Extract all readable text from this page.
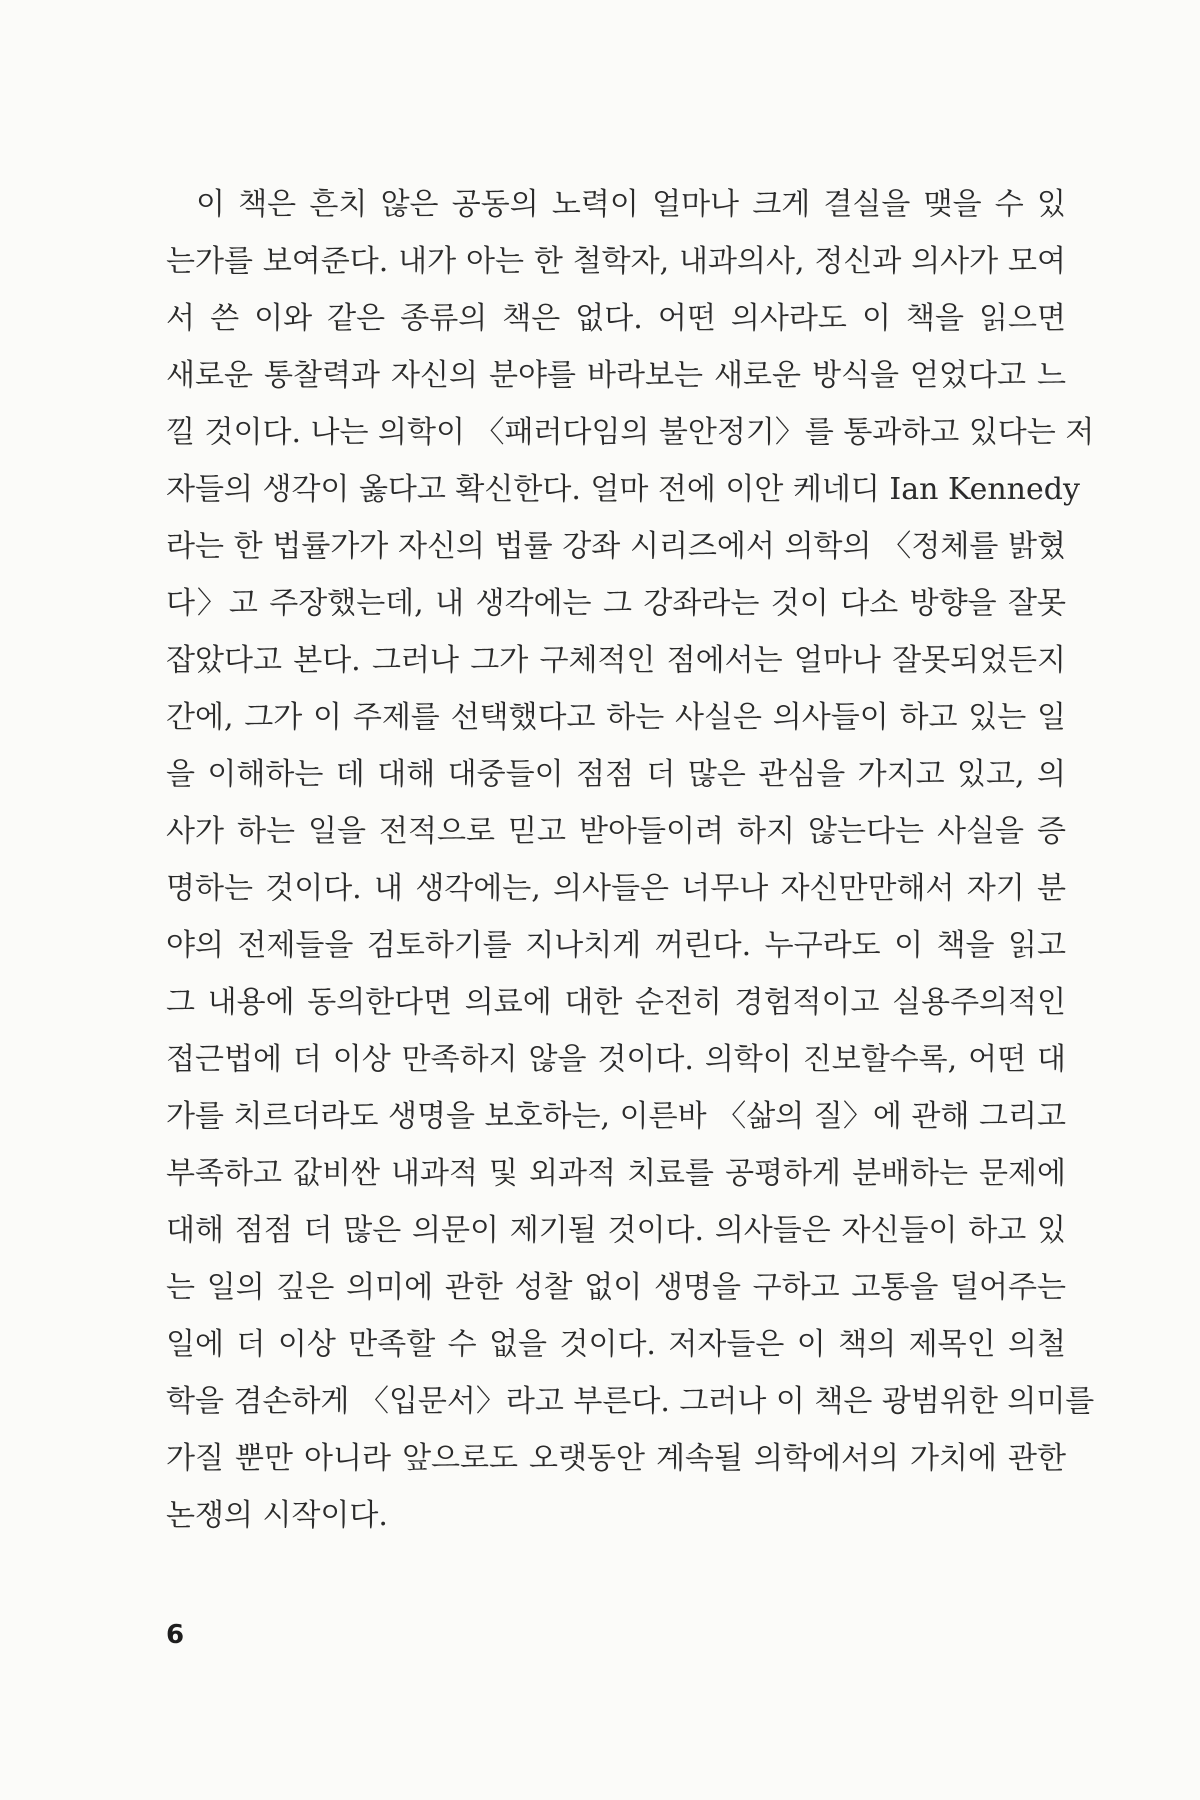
이 책은 흔치 않은 공동의 노력이 얼마나 크게 결실을 맺을 수 있
는가를 보여준다. 내가 아는 한 철학자, 내과의사, 정신과 의사가 모여
서 쓴 이와 같은 종류의 책은 없다. 어떤 의사라도 이 책을 읽으면
새로운 통찰력과 자신의 분야를 바라보는 새로운 방식을 얻었다고 느
낄 것이다. 나는 의학이 〈패러다임의 불안정기〉를 통과하고 있다는 저
자들의 생각이 옳다고 확신한다. 얼마 전에 이안 케네디 Ian Kennedy
라는 한 법률가가 자신의 법률 강좌 시리즈에서 의학의 〈정체를 밝혔
다〉고 주장했는데, 내 생각에는 그 강좌라는 것이 다소 방향을 잘못
잡았다고 본다. 그러나 그가 구체적인 점에서는 얼마나 잘못되었든지
간에, 그가 이 주제를 선택했다고 하는 사실은 의사들이 하고 있는 일
을 이해하는 데 대해 대중들이 점점 더 많은 관심을 가지고 있고, 의
사가 하는 일을 전적으로 믿고 받아들이려 하지 않는다는 사실을 증
명하는 것이다. 내 생각에는, 의사들은 너무나 자신만만해서 자기 분
야의 전제들을 검토하기를 지나치게 꺼린다. 누구라도 이 책을 읽고
그 내용에 동의한다면 의료에 대한 순전히 경험적이고 실용주의적인
접근법에 더 이상 만족하지 않을 것이다. 의학이 진보할수록, 어떤 대
가를 치르더라도 생명을 보호하는, 이른바 〈삶의 질〉에 관해 그리고
부족하고 값비싼 내과적 및 외과적 치료를 공평하게 분배하는 문제에
대해 점점 더 많은 의문이 제기될 것이다. 의사들은 자신들이 하고 있
는 일의 깊은 의미에 관한 성찰 없이 생명을 구하고 고통을 덜어주는
일에 더 이상 만족할 수 없을 것이다. 저자들은 이 책의 제목인 의철
학을 겸손하게 〈입문서〉라고 부른다. 그러나 이 책은 광범위한 의미를
가질 뿐만 아니라 앞으로도 오랫동안 계속될 의학에서의 가치에 관한
논쟁의 시작이다.
6
